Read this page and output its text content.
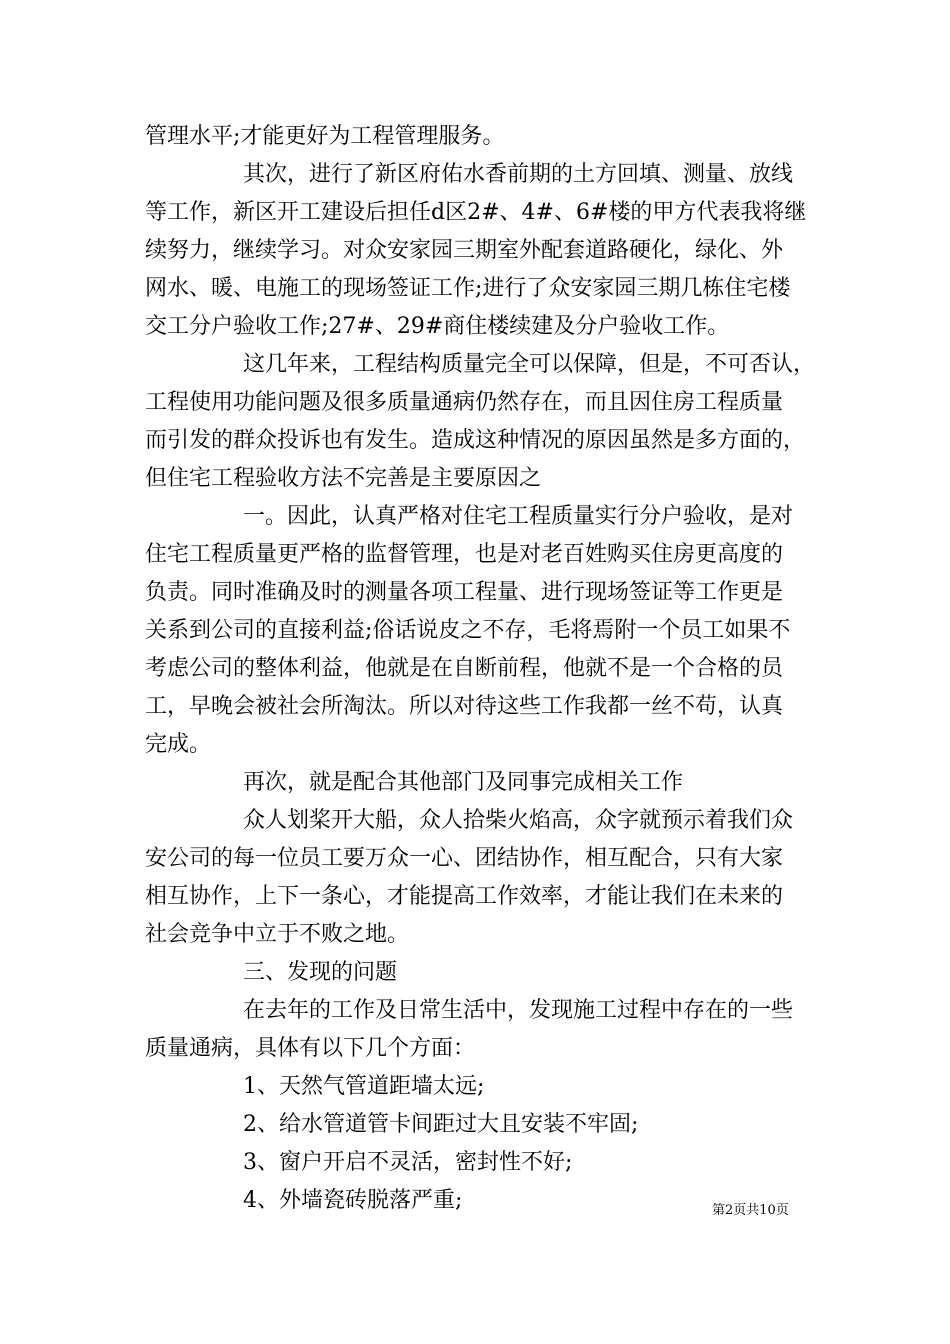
管理水平;才能更好为工程管理服务。
其次，进行了新区府佑水香前期的土方回填、测量、放线
等工作，新区开工建设后担任d区2#、4#、6#楼的甲方代表我将继
续努力，继续学习。对众安家园三期室外配套道路硬化，绿化、外
网水、暖、电施工的现场签证工作;进行了众安家园三期几栋住宅楼
交工分户验收工作;27#、29#商住楼续建及分户验收工作。
这几年来，工程结构质量完全可以保障，但是，不可否认，
工程使用功能问题及很多质量通病仍然存在，而且因住房工程质量
而引发的群众投诉也有发生。造成这种情况的原因虽然是多方面的，
但住宅工程验收方法不完善是主要原因之
一。因此，认真严格对住宅工程质量实行分户验收，是对
住宅工程质量更严格的监督管理，也是对老百姓购买住房更高度的
负责。同时准确及时的测量各项工程量、进行现场签证等工作更是
关系到公司的直接利益;俗话说皮之不存，毛将焉附一个员工如果不
考虑公司的整体利益，他就是在自断前程，他就不是一个合格的员
工，早晚会被社会所淘汰。所以对待这些工作我都一丝不苟，认真
完成。
再次，就是配合其他部门及同事完成相关工作
众人划桨开大船，众人拾柴火焰高，众字就预示着我们众
安公司的每一位员工要万众一心、团结协作，相互配合，只有大家
相互协作，上下一条心，才能提高工作效率，才能让我们在未来的
社会竞争中立于不败之地。
三、发现的问题
在去年的工作及日常生活中，发现施工过程中存在的一些
质量通病，具体有以下几个方面：
1、天然气管道距墙太远;
2、给水管道管卡间距过大且安装不牢固;
3、窗户开启不灵活，密封性不好;
4、外墙瓷砖脱落严重;	第2页共10页
